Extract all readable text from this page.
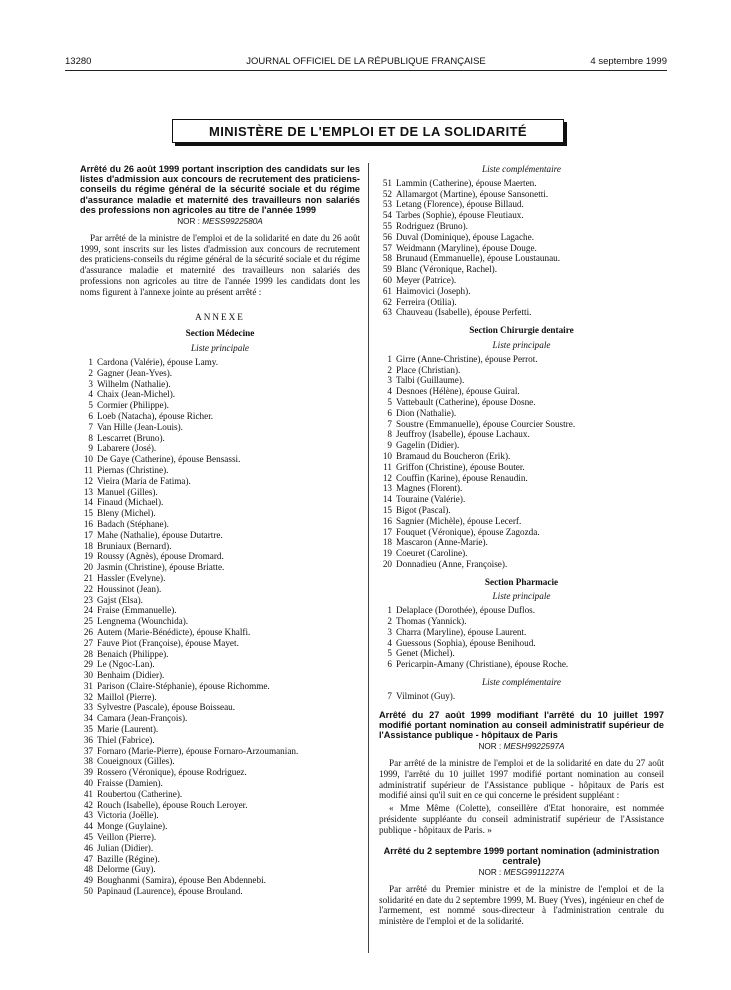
13280	JOURNAL OFFICIEL DE LA RÉPUBLIQUE FRANÇAISE	4 septembre 1999
MINISTÈRE DE L'EMPLOI ET DE LA SOLIDARITÉ

Arrêté du 26 août 1999 portant inscription des candidats sur les listes d'admission aux concours de recrutement des praticiens-conseils du régime général de la sécurité sociale et du régime d'assurance maladie et maternité des travailleurs non salariés des professions non agricoles au titre de l'année 1999

NOR : MESS9922580A

Par arrêté de la ministre de l'emploi et de la solidarité en date du 26 août 1999, sont inscrits sur les listes d'admission aux concours de recrutement des praticiens-conseils du régime général de la sécurité sociale et du régime d'assurance maladie et maternité des travailleurs non salariés des professions non agricoles au titre de l'année 1999 les candidats dont les noms figurent à l'annexe jointe au présent arrêté :

ANNEXE
Section Médecine
Liste principale
1 Cardona (Valérie), épouse Lamy.
2 Gagner (Jean-Yves).
3 Wilhelm (Nathalie).
4 Chaix (Jean-Michel).
5 Cormier (Philippe).
6 Loeb (Natacha), épouse Richer.
7 Van Hille (Jean-Louis).
8 Lescarret (Bruno).
9 Labarere (José).
10 De Gaye (Catherine), épouse Bensassi.
11 Piernas (Christine).
12 Vieira (Maria de Fatima).
13 Manuel (Gilles).
14 Finaud (Michael).
15 Bleny (Michel).
16 Badach (Stéphane).
17 Mahe (Nathalie), épouse Dutartre.
18 Bruniaux (Bernard).
19 Roussy (Agnès), épouse Dromard.
20 Jasmin (Christine), épouse Briatte.
21 Hassler (Evelyne).
22 Houssinot (Jean).
23 Gajst (Elsa).
24 Fraise (Emmanuelle).
25 Lengnema (Wounchida).
26 Autem (Marie-Bénédicte), épouse Khalfi.
27 Fauve Piot (Françoise), épouse Mayet.
28 Benaich (Philippe).
29 Le (Ngoc-Lan).
30 Benhaim (Didier).
31 Parison (Claire-Stéphanie), épouse Richomme.
32 Maillol (Pierre).
33 Sylvestre (Pascale), épouse Boisseau.
34 Camara (Jean-François).
35 Marie (Laurent).
36 Thiel (Fabrice).
37 Fornaro (Marie-Pierre), épouse Fornaro-Arzoumanian.
38 Coueignoux (Gilles).
39 Rossero (Véronique), épouse Rodriguez.
40 Fraisse (Damien).
41 Roubertou (Catherine).
42 Rouch (Isabelle), épouse Rouch Leroyer.
43 Victoria (Joëlle).
44 Monge (Guylaine).
45 Veillon (Pierre).
46 Julian (Didier).
47 Bazille (Régine).
48 Delorme (Guy).
49 Boughanmi (Samira), épouse Ben Abdennebi.
50 Papinaud (Laurence), épouse Brouland.
Liste complémentaire
51 Lammin (Catherine), épouse Maerten.
52 Allamargot (Martine), épouse Sansonetti.
53 Letang (Florence), épouse Billaud.
54 Tarbes (Sophie), épouse Fleutiaux.
55 Rodriguez (Bruno).
56 Duval (Dominique), épouse Lagache.
57 Weidmann (Maryline), épouse Douge.
58 Brunaud (Emmanuelle), épouse Loustaunau.
59 Blanc (Véronique, Rachel).
60 Meyer (Patrice).
61 Haimovici (Joseph).
62 Ferreira (Otilia).
63 Chauveau (Isabelle), épouse Perfetti.
Section Chirurgie dentaire
Liste principale
1 Girre (Anne-Christine), épouse Perrot.
2 Place (Christian).
3 Talbi (Guillaume).
4 Desnoes (Hélène), épouse Guiral.
5 Vattebault (Catherine), épouse Dosne.
6 Dion (Nathalie).
7 Soustre (Emmanuelle), épouse Courcier Soustre.
8 Jeuffroy (Isabelle), épouse Lachaux.
9 Gagelin (Didier).
10 Bramaud du Boucheron (Erik).
11 Griffon (Christine), épouse Bouter.
12 Couffin (Karine), épouse Renaudin.
13 Magnes (Florent).
14 Touraine (Valérie).
15 Bigot (Pascal).
16 Sagnier (Michèle), épouse Lecerf.
17 Fouquet (Véronique), épouse Zagozda.
18 Mascaron (Anne-Marie).
19 Coeuret (Caroline).
20 Donnadieu (Anne, Françoise).
Section Pharmacie
Liste principale
1 Delaplace (Dorothée), épouse Duflos.
2 Thomas (Yannick).
3 Charra (Maryline), épouse Laurent.
4 Guessous (Sophia), épouse Benihoud.
5 Genet (Michel).
6 Pericarpin-Amany (Christiane), épouse Roche.
Liste complémentaire
7 Vilminot (Guy).

Arrêté du 27 août 1999 modifiant l'arrêté du 10 juillet 1997 modifié portant nomination au conseil administratif supérieur de l'Assistance publique - hôpitaux de Paris

NOR : MESH9922597A

Par arrêté de la ministre de l'emploi et de la solidarité en date du 27 août 1999, l'arrêté du 10 juillet 1997 modifié portant nomination au conseil administratif supérieur de l'Assistance publique - hôpitaux de Paris est modifié ainsi qu'il suit en ce qui concerne le président suppléant :

« Mme Même (Colette), conseillère d'Etat honoraire, est nommée présidente suppléante du conseil administratif supérieur de l'Assistance publique - hôpitaux de Paris. »

Arrêté du 2 septembre 1999 portant nomination (administration centrale)

NOR : MESG9911227A

Par arrêté du Premier ministre et de la ministre de l'emploi et de la solidarité en date du 2 septembre 1999, M. Buey (Yves), ingénieur en chef de l'armement, est nommé sous-directeur à l'administration centrale du ministère de l'emploi et de la solidarité.
